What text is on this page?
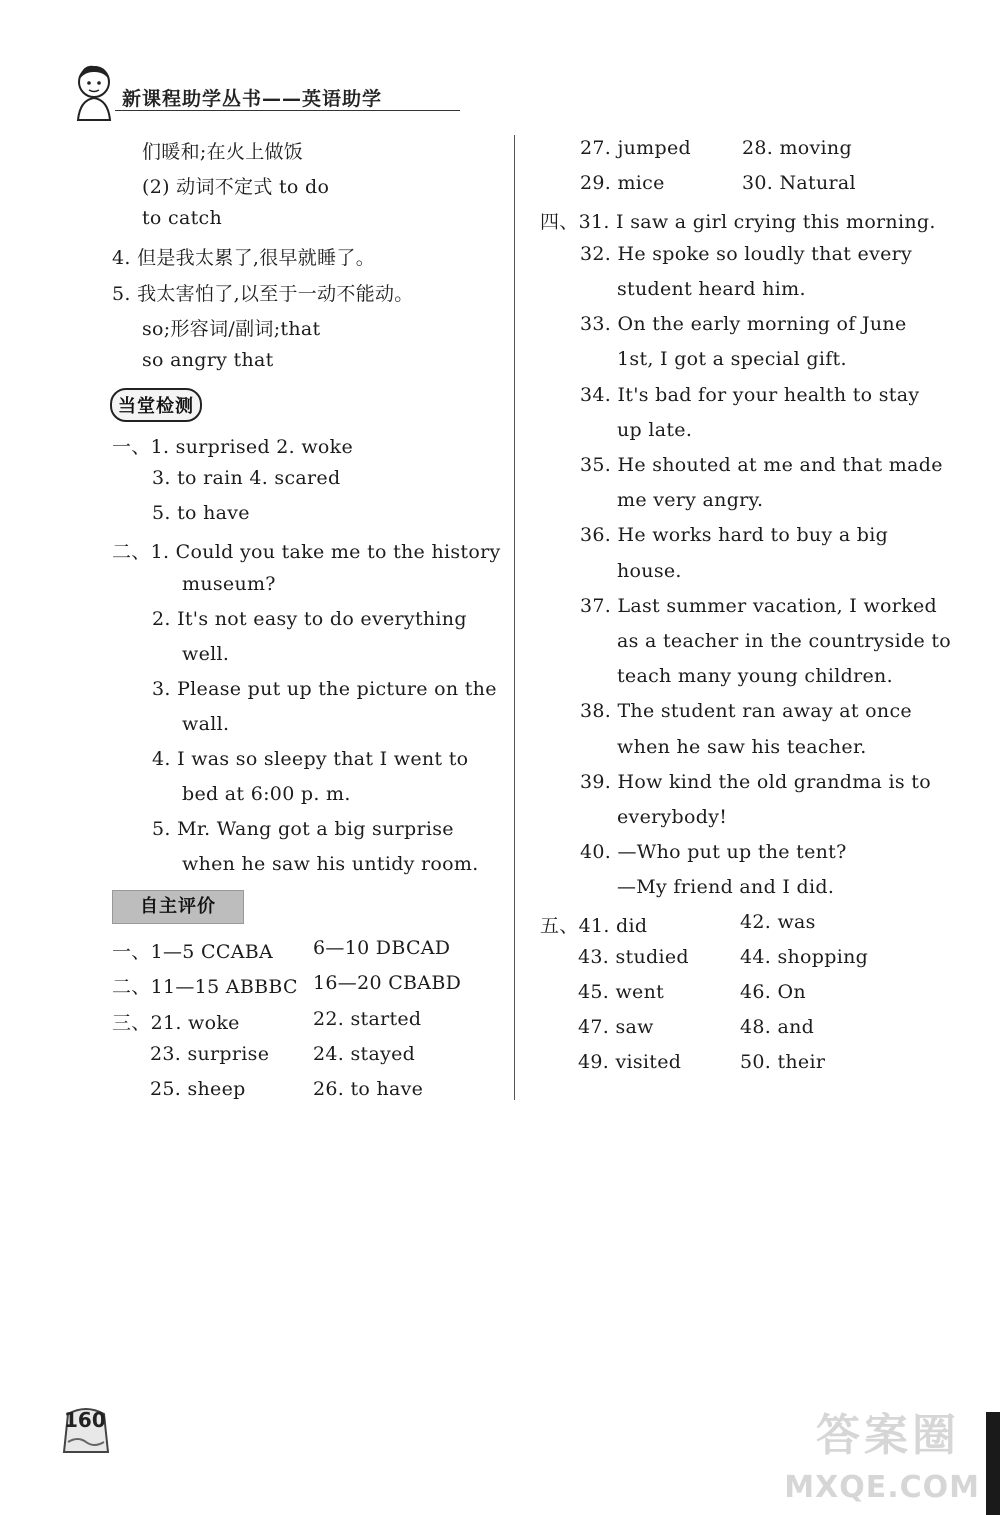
新课程助学丛书——英语助学
们暖和;在火上做饭
(2) 动词不定式 to do
to catch
4. 但是我太累了,很早就睡了。
5. 我太害怕了,以至于一动不能动。
so;形容词/副词;that
so angry that
当堂检测
一、1. surprised 2. woke
3. to rain 4. scared
5. to have
二、1. Could you take me to the history
museum?
2. It's not easy to do everything
well.
3. Please put up the picture on the
wall.
4. I was so sleepy that I went to
bed at 6:00 p. m.
5. Mr. Wang got a big surprise
when he saw his untidy room.
自主评价
一、1—5 CCABA 6—10 DBCAD
二、11—15 ABBBC 16—20 CBABD
三、21. woke	22. started
23. surprise 24. stayed
25. sheep	26. to have
27. jumped	28. moving
29. mice	30. Natural
四、31. I saw a girl crying this morning.
32. He spoke so loudly that every
student heard him.
33. On the early morning of June
1st, I got a special gift.
34. It's bad for your health to stay
up late.
35. He shouted at me and that made
me very angry.
36. He works hard to buy a big
house.
37. Last summer vacation, I worked
as a teacher in the countryside to
teach many young children.
38. The student ran away at once
when he saw his teacher.
39. How kind the old grandma is to
everybody!
40. —Who put up the tent?
—My friend and I did.
五、41. did	42. was
43. studied	44. shopping
45. went	46. On
47. saw	48. and
49. visited	50. their
160	答案圈
MXQE.COM
